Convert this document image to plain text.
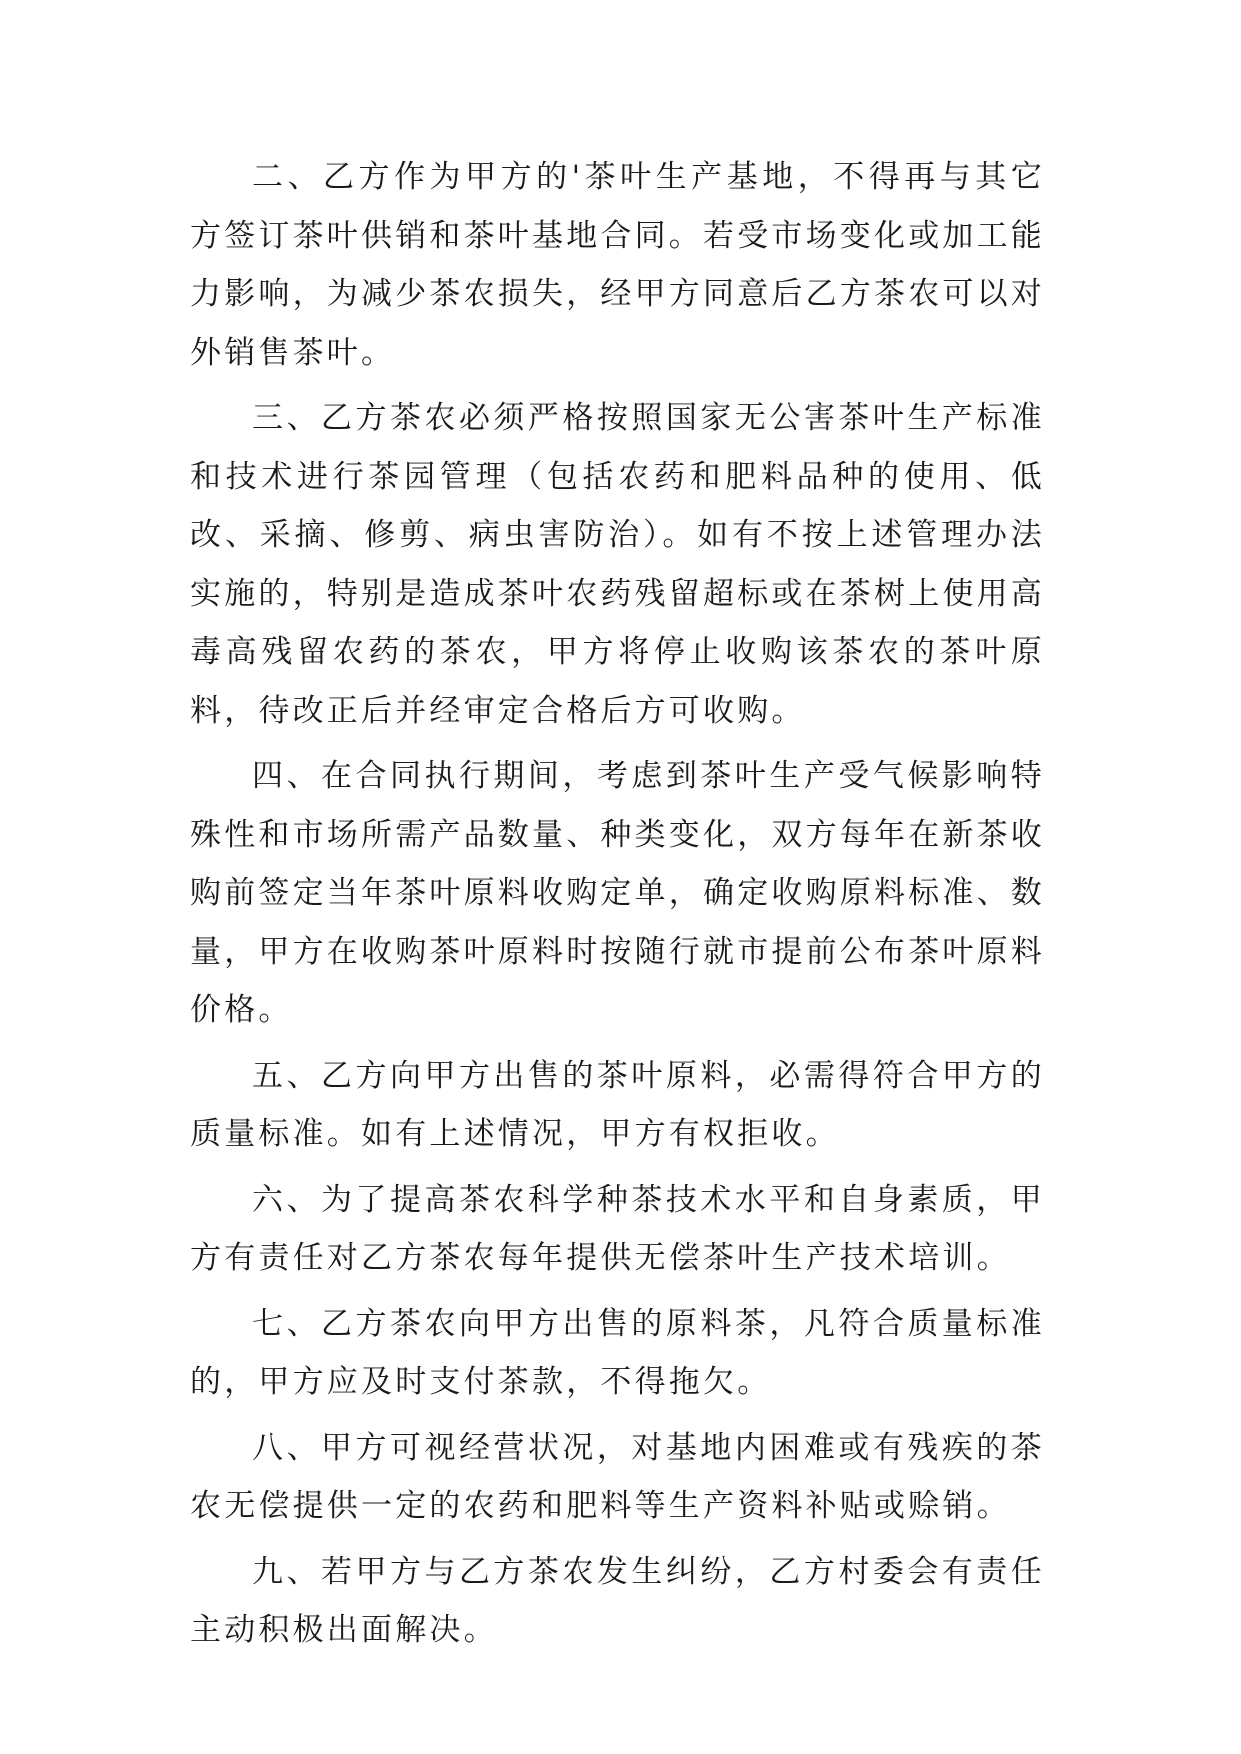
二、乙方作为甲方的'茶叶生产基地，不得再与其它方签订茶叶供销和茶叶基地合同。若受市场变化或加工能力影响，为减少茶农损失，经甲方同意后乙方茶农可以对外销售茶叶。

三、乙方茶农必须严格按照国家无公害茶叶生产标准和技术进行茶园管理（包括农药和肥料品种的使用、低改、采摘、修剪、病虫害防治）。如有不按上述管理办法实施的，特别是造成茶叶农药残留超标或在茶树上使用高毒高残留农药的茶农，甲方将停止收购该茶农的茶叶原料，待改正后并经审定合格后方可收购。

四、在合同执行期间，考虑到茶叶生产受气候影响特殊性和市场所需产品数量、种类变化，双方每年在新茶收购前签定当年茶叶原料收购定单，确定收购原料标准、数量，甲方在收购茶叶原料时按随行就市提前公布茶叶原料价格。

五、乙方向甲方出售的茶叶原料，必需得符合甲方的质量标准。如有上述情况，甲方有权拒收。

六、为了提高茶农科学种茶技术水平和自身素质，甲方有责任对乙方茶农每年提供无偿茶叶生产技术培训。

七、乙方茶农向甲方出售的原料茶，凡符合质量标准的，甲方应及时支付茶款，不得拖欠。

八、甲方可视经营状况，对基地内困难或有残疾的茶农无偿提供一定的农药和肥料等生产资料补贴或赊销。

九、若甲方与乙方茶农发生纠纷，乙方村委会有责任主动积极出面解决。
